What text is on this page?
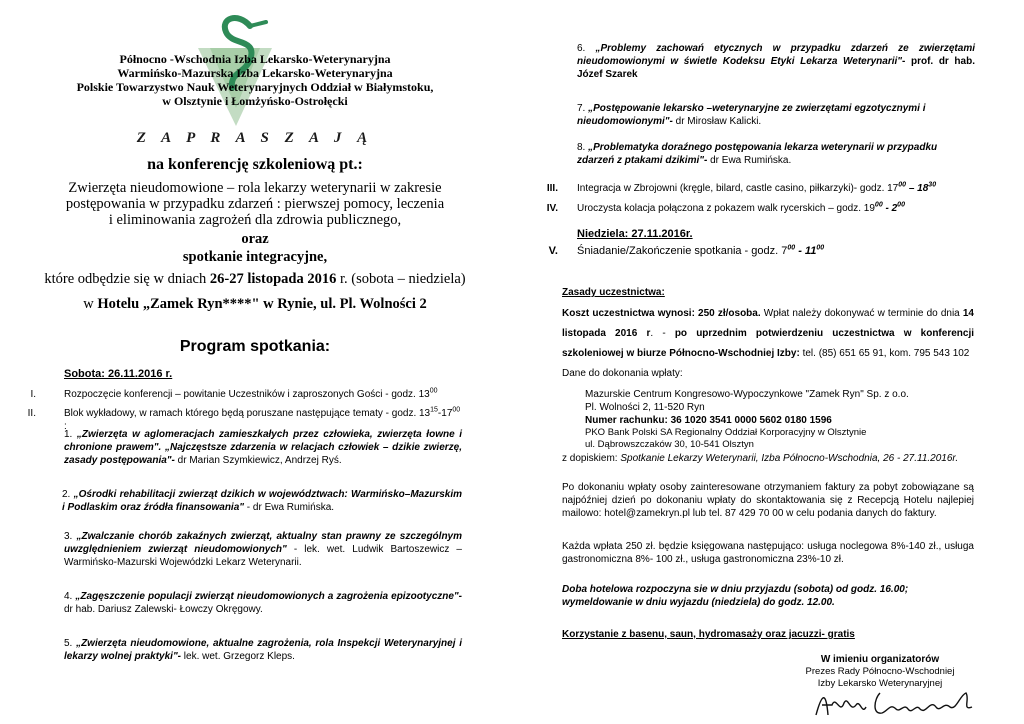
Północno -Wschodnia Izba Lekarsko-Weterynaryjna
Warmińsko-Mazurska Izba Lekarsko-Weterynaryjna
Polskie Towarzystwo Nauk Weterynaryjnych Oddział w Białymstoku,
w Olsztynie i Łomżyńsko-Ostrołęcki
Z A P R A S Z A J Ą
na konferencję szkoleniową pt.:
Zwierzęta nieudomowione – rola lekarzy weterynarii w zakresie
postępowania w przypadku zdarzeń : pierwszej pomocy, leczenia
i eliminowania zagrożeń dla zdrowia publicznego,
oraz
spotkanie integracyjne,
które odbędzie się w dniach 26-27 listopada 2016 r. (sobota – niedziela)
w Hotelu „Zamek Ryn****" w Rynie, ul. Pl. Wolności 2
Program spotkania:
Sobota: 26.11.2016 r.
I.	Rozpoczęcie konferencji – powitanie Uczestników i zaproszonych Gości - godz. $13^{00}$
II.	Blok wykładowy, w ramach którego będą poruszane następujące tematy - godz. $13^{15}-17^{00}$ :
1. „Zwierzęta w aglomeracjach zamieszkałych przez człowieka, zwierzęta łowne i chronione prawem". „Najczęstsze zdarzenia w relacjach człowiek – dzikie zwierzę, zasady postępowania"- dr Marian Szymkiewicz, Andrzej Ryś.
2. „Ośrodki rehabilitacji zwierząt dzikich w województwach: Warmińsko–Mazurskim i Podlaskim oraz źródła finansowania" - dr Ewa Rumińska.
3. „Zwalczanie chorób zakaźnych zwierząt, aktualny stan prawny ze szczególnym uwzględnieniem zwierząt nieudomowionych" - lek. wet. Ludwik Bartoszewicz – Warmińsko-Mazurski Wojewódzki Lekarz Weterynarii.
4. „Zagęszczenie populacji zwierząt nieudomowionych a zagrożenia epizootyczne"- dr hab. Dariusz Zalewski- Łowczy Okręgowy.
5. „Zwierzęta nieudomowione, aktualne zagrożenia, rola Inspekcji Weterynaryjnej i lekarzy wolnej praktyki"- lek. wet. Grzegorz Kleps.
6. „Problemy zachowań etycznych w przypadku zdarzeń ze zwierzętami nieudomowionymi w świetle Kodeksu Etyki Lekarza Weterynarii"- prof. dr hab. Józef Szarek
7. „Postępowanie lekarsko –weterynaryjne ze zwierzętami egzotycznymi i nieudomowionymi"- dr Mirosław Kalicki.
8. „Problematyka doraźnego postępowania lekarza weterynarii w przypadku zdarzeń z ptakami dzikimi"- dr Ewa Rumińska.
III. Integracja w Zbrojowni (kręgle, bilard, castle casino, piłkarzyki)- godz. $17^{00} - 18^{30}$
IV. Uroczysta kolacja połączona z pokazem walk rycerskich – godz. $19^{00} - 2^{00}$
Niedziela: 27.11.2016r.
V. Śniadanie/Zakończenie spotkania - godz. $7^{00} - 11^{00}$
Zasady uczestnictwa:
Koszt uczestnictwa wynosi: 250 zł/osoba. Wpłat należy dokonywać w terminie do dnia 14 listopada 2016 r. - po uprzednim potwierdzeniu uczestnictwa w konferencji szkoleniowej w biurze Północno-Wschodniej Izby: tel. (85) 651 65 91, kom. 795 543 102
Dane do dokonania wpłaty:
Mazurskie Centrum Kongresowo-Wypoczynkowe "Zamek Ryn" Sp. z o.o.
Pl. Wolności 2, 11-520 Ryn
Numer rachunku: 36 1020 3541 0000 5602 0180 1596
PKO Bank Polski SA Regionalny Oddział Korporacyjny w Olsztynie
ul. Dąbrowszczaków 30, 10-541 Olsztyn
z dopiskiem: Spotkanie Lekarzy Weterynarii, Izba Północno-Wschodnia, 26 - 27.11.2016r.
Po dokonaniu wpłaty osoby zainteresowane otrzymaniem faktury za pobyt zobowiązane są najpóźniej dzień po dokonaniu wpłaty do skontaktowania się z Recepcją Hotelu najlepiej mailowo: hotel@zamekryn.pl lub tel. 87 429 70 00 w celu podania danych do faktury.
Każda wpłata 250 zł. będzie księgowana następująco: usługa noclegowa 8%-140 zł., usługa gastronomiczna 8%- 100 zł., usługa gastronomiczna 23%-10 zł.
Doba hotelowa rozpoczyna sie w dniu przyjazdu (sobota) od godz. 16.00; wymeldowanie w dniu wyjazdu (niedziela) do godz. 12.00.
Korzystanie z basenu, saun, hydromasaży oraz jacuzzi- gratis
W imieniu organizatorów
Prezes Rady Północno-Wschodniej
Izby Lekarsko Weterynaryjnej
